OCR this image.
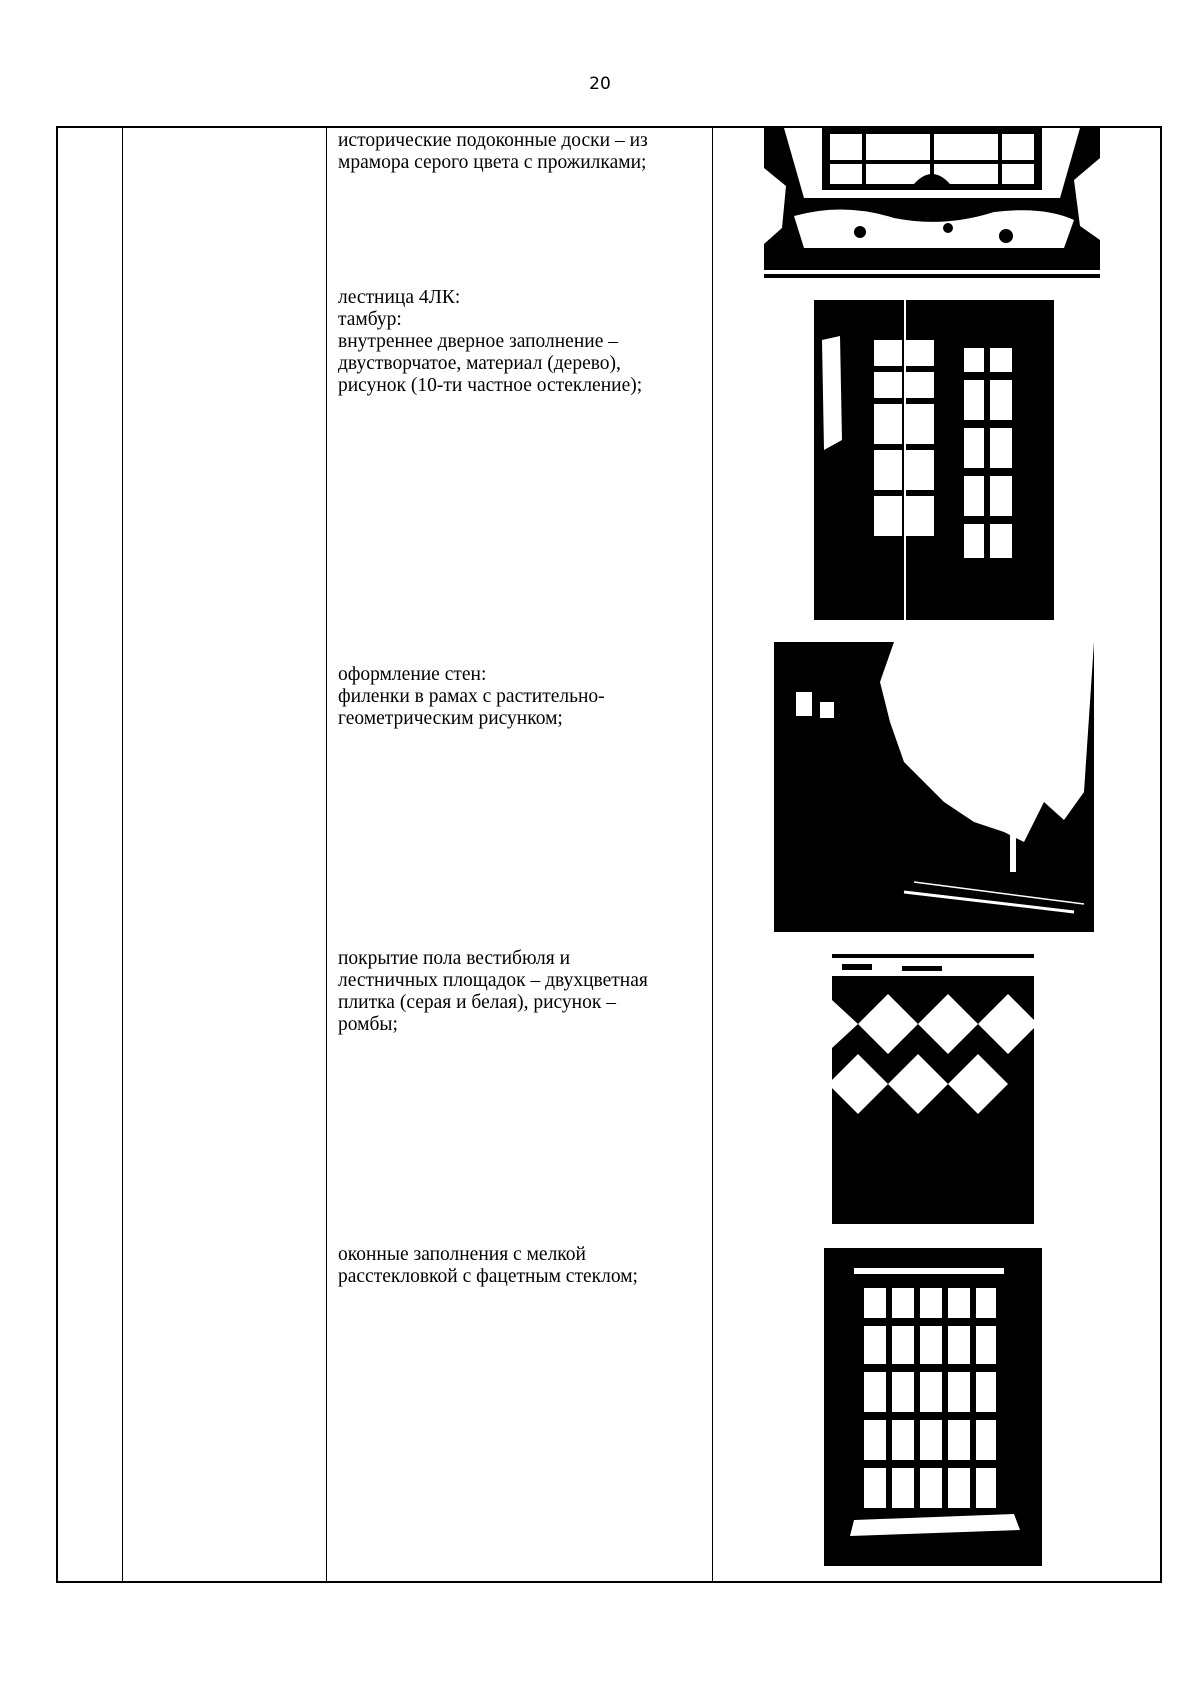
20

исторические подоконные доски – из

мрамора серого цвета с прожилками;

лестница 4ЛК:

тамбур:

внутреннее дверное заполнение –

двустворчатое, материал (дерево),

рисунок (10-ти частное остекление);

оформление стен:

филенки в рамах с растительно-

геометрическим рисунком;

покрытие пола вестибюля и

лестничных площадок – двухцветная

плитка (серая и белая), рисунок –

ромбы;

оконные заполнения с мелкой

расстекловкой с фацетным стеклом;
